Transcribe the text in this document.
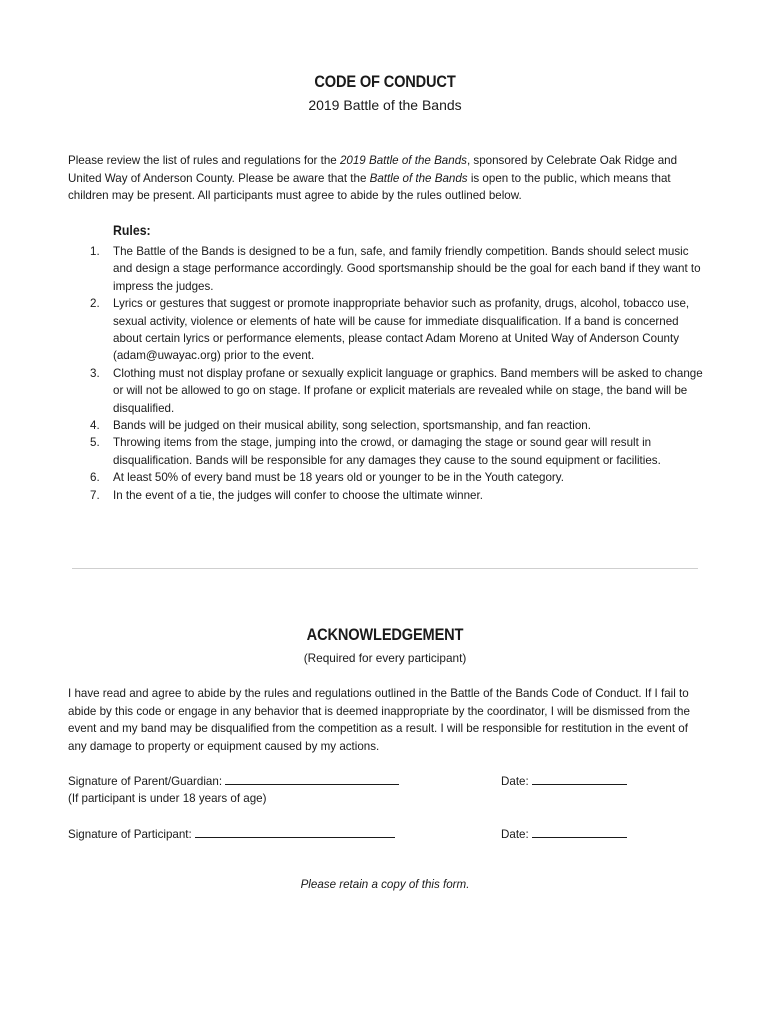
CODE OF CONDUCT
2019 Battle of the Bands

Please review the list of rules and regulations for the 2019 Battle of the Bands, sponsored by Celebrate Oak Ridge and United Way of Anderson County. Please be aware that the Battle of the Bands is open to the public, which means that children may be present. All participants must agree to abide by the rules outlined below.

Rules:
1. The Battle of the Bands is designed to be a fun, safe, and family friendly competition. Bands should select music and design a stage performance accordingly. Good sportsmanship should be the goal for each band if they want to impress the judges.
2. Lyrics or gestures that suggest or promote inappropriate behavior such as profanity, drugs, alcohol, tobacco use, sexual activity, violence or elements of hate will be cause for immediate disqualification. If a band is concerned about certain lyrics or performance elements, please contact Adam Moreno at United Way of Anderson County (adam@uwayac.org) prior to the event.
3. Clothing must not display profane or sexually explicit language or graphics. Band members will be asked to change or will not be allowed to go on stage. If profane or explicit materials are revealed while on stage, the band will be disqualified.
4. Bands will be judged on their musical ability, song selection, sportsmanship, and fan reaction.
5. Throwing items from the stage, jumping into the crowd, or damaging the stage or sound gear will result in disqualification. Bands will be responsible for any damages they cause to the sound equipment or facilities.
6. At least 50% of every band must be 18 years old or younger to be in the Youth category.
7. In the event of a tie, the judges will confer to choose the ultimate winner.
ACKNOWLEDGEMENT
(Required for every participant)

I have read and agree to abide by the rules and regulations outlined in the Battle of the Bands Code of Conduct. If I fail to abide by this code or engage in any behavior that is deemed inappropriate by the coordinator, I will be dismissed from the event and my band may be disqualified from the competition as a result. I will be responsible for restitution in the event of any damage to property or equipment caused by my actions.

Signature of Parent/Guardian:
(If participant is under 18 years of age)
Date:
Signature of Participant:	Date:
Please retain a copy of this form.
